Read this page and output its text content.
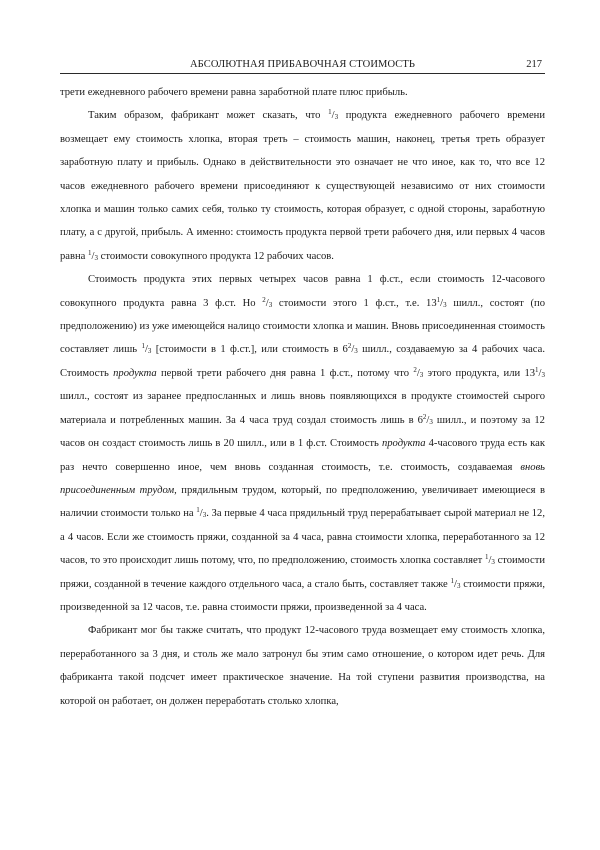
АБСОЛЮТНАЯ ПРИБАВОЧНАЯ СТОИМОСТЬ	217

трети ежедневного рабочего времени равна заработной плате плюс прибыль.

Таким образом, фабрикант может сказать, что $^1/_3$ продукта ежедневного рабочего времени возмещает ему стоимость хлопка, вторая треть – стоимость машин, наконец, третья треть образует заработную плату и прибыль. Однако в действительности это означает не что иное, как то, что все 12 часов ежедневного рабочего времени присоединяют к существующей независимо от них стоимости хлопка и машин только самих себя, только ту стоимость, которая образует, с одной стороны, заработную плату, а с другой, прибыль. А именно: стоимость продукта первой трети рабочего дня, или первых 4 часов равна $^1/_3$ стоимости совокупного продукта 12 рабочих часов.

Стоимость продукта этих первых четырех часов равна 1 ф.ст., если стоимость 12-часового совокупного продукта равна 3 ф.ст. Но $^2/_3$ стоимости этого 1 ф.ст., т.е. $13^1/_3$ шилл., состоят (по предположению) из уже имеющейся налицо стоимости хлопка и машин. Вновь присоединенная стоимость составляет лишь $^1/_3$ [стоимости в 1 ф.ст.], или стоимость в $6^2/_3$ шилл., создаваемую за 4 рабочих часа. Стоимость продукта первой трети рабочего дня равна 1 ф.ст., потому что $^2/_3$ этого продукта, или $13^1/_3$ шилл., состоят из заранее предпосланных и лишь вновь появляющихся в продукте стоимостей сырого материала и потребленных машин. За 4 часа труд создал стоимость лишь в $6^2/_3$ шилл., и поэтому за 12 часов он создаст стоимость лишь в 20 шилл., или в 1 ф.ст. Стоимость продукта 4-часового труда есть как раз нечто совершенно иное, чем вновь созданная стоимость, т.е. стоимость, создаваемая вновь присоединенным трудом, прядильным трудом, который, по предположению, увеличивает имеющиеся в наличии стоимости только на $^1/_3$. За первые 4 часа прядильный труд перерабатывает сырой материал не 12, а 4 часов. Если же стоимость пряжи, созданной за 4 часа, равна стоимости хлопка, переработанного за 12 часов, то это происходит лишь потому, что, по предположению, стоимость хлопка составляет $^1/_3$ стоимости пряжи, созданной в течение каждого отдельного часа, а стало быть, составляет также $^1/_3$ стоимости пряжи, произведенной за 12 часов, т.е. равна стоимости пряжи, произведенной за 4 часа.

Фабрикант мог бы также считать, что продукт 12-часового труда возмещает ему стоимость хлопка, переработанного за 3 дня, и столь же мало затронул бы этим само отношение, о котором идет речь. Для фабриканта такой подсчет имеет практическое значение. На той ступени развития производства, на которой он работает, он должен переработать столько хлопка,
